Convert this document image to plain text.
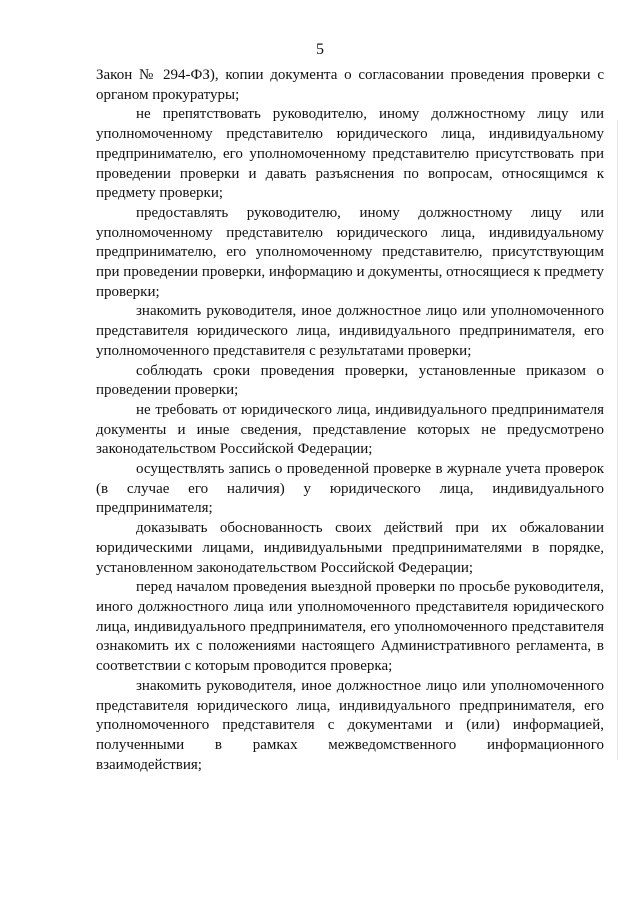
5

Закон № 294-ФЗ), копии документа о согласовании проведения проверки с органом прокуратуры;

не препятствовать руководителю, иному должностному лицу или уполномоченному представителю юридического лица, индивидуальному предпринимателю, его уполномоченному представителю присутствовать при проведении проверки и давать разъяснения по вопросам, относящимся к предмету проверки;

предоставлять руководителю, иному должностному лицу или уполномоченному представителю юридического лица, индивидуальному предпринимателю, его уполномоченному представителю, присутствующим при проведении проверки, информацию и документы, относящиеся к предмету проверки;

знакомить руководителя, иное должностное лицо или уполномоченного представителя юридического лица, индивидуального предпринимателя, его уполномоченного представителя с результатами проверки;

соблюдать сроки проведения проверки, установленные приказом о проведении проверки;

не требовать от юридического лица, индивидуального предпринимателя документы и иные сведения, представление которых не предусмотрено законодательством Российской Федерации;

осуществлять запись о проведенной проверке в журнале учета проверок (в случае его наличия) у юридического лица, индивидуального предпринимателя;

доказывать обоснованность своих действий при их обжаловании юридическими лицами, индивидуальными предпринимателями в порядке, установленном законодательством Российской Федерации;

перед началом проведения выездной проверки по просьбе руководителя, иного должностного лица или уполномоченного представителя юридического лица, индивидуального предпринимателя, его уполномоченного представителя ознакомить их с положениями настоящего Административного регламента, в соответствии с которым проводится проверка;

знакомить руководителя, иное должностное лицо или уполномоченного представителя юридического лица, индивидуального предпринимателя, его уполномоченного представителя с документами и (или) информацией, полученными в рамках межведомственного информационного взаимодействия;
